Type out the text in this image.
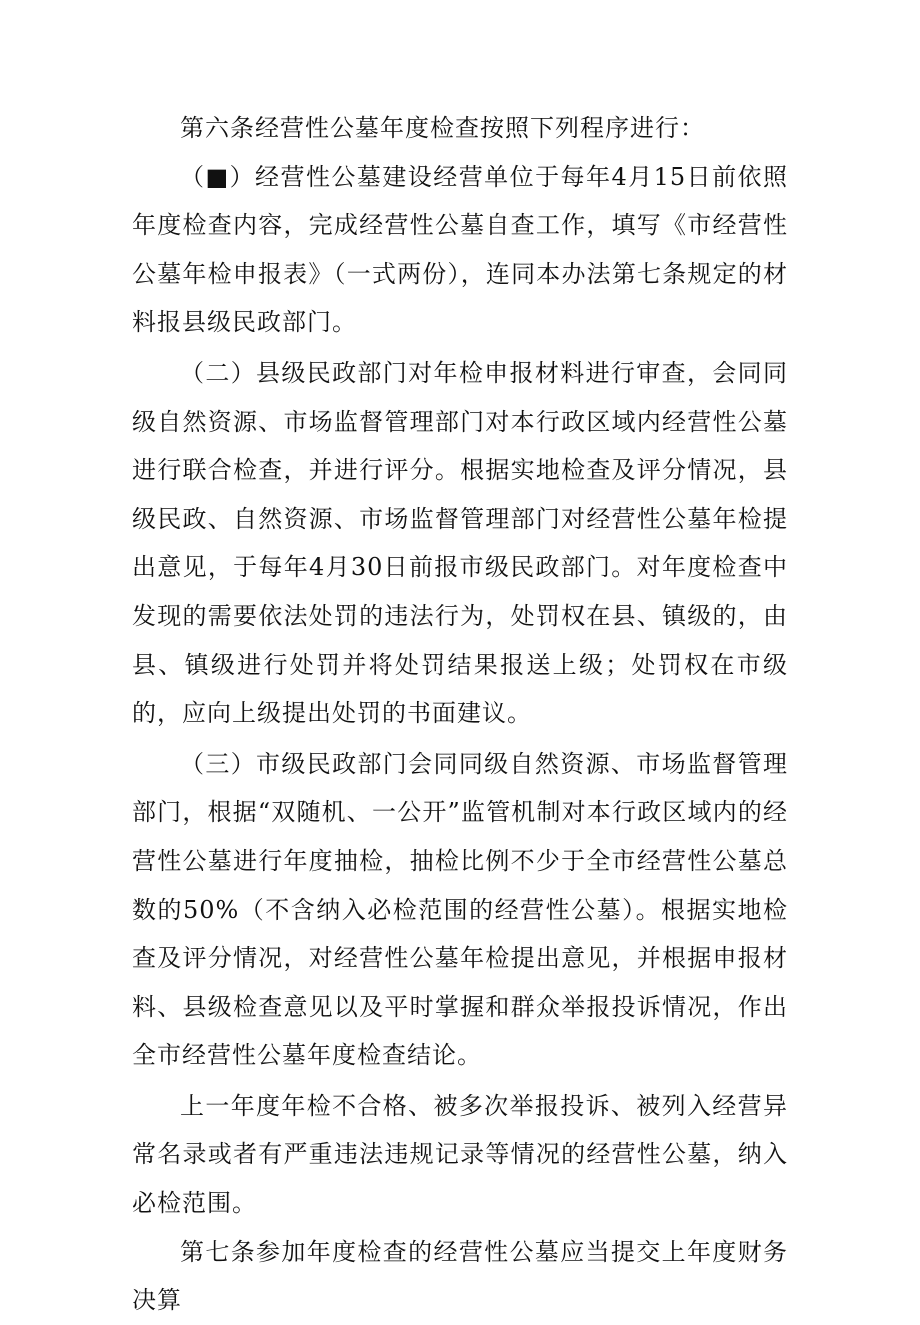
第六条经营性公墓年度检查按照下列程序进行：

（■）经营性公墓建设经营单位于每年4月15日前依照年度检查内容，完成经营性公墓自查工作，填写《市经营性公墓年检申报表》（一式两份），连同本办法第七条规定的材料报县级民政部门。

（二）县级民政部门对年检申报材料进行审查，会同同级自然资源、市场监督管理部门对本行政区域内经营性公墓进行联合检查，并进行评分。根据实地检查及评分情况，县级民政、自然资源、市场监督管理部门对经营性公墓年检提出意见，于每年4月30日前报市级民政部门。对年度检查中发现的需要依法处罚的违法行为，处罚权在县、镇级的，由县、镇级进行处罚并将处罚结果报送上级；处罚权在市级的，应向上级提出处罚的书面建议。

（三）市级民政部门会同同级自然资源、市场监督管理部门，根据“双随机、一公开”监管机制对本行政区域内的经营性公墓进行年度抽检，抽检比例不少于全市经营性公墓总数的50%（不含纳入必检范围的经营性公墓）。根据实地检查及评分情况，对经营性公墓年检提出意见，并根据申报材料、县级检查意见以及平时掌握和群众举报投诉情况，作出全市经营性公墓年度检查结论。

上一年度年检不合格、被多次举报投诉、被列入经营异常名录或者有严重违法违规记录等情况的经营性公墓，纳入必检范围。

第七条参加年度检查的经营性公墓应当提交上年度财务决算
